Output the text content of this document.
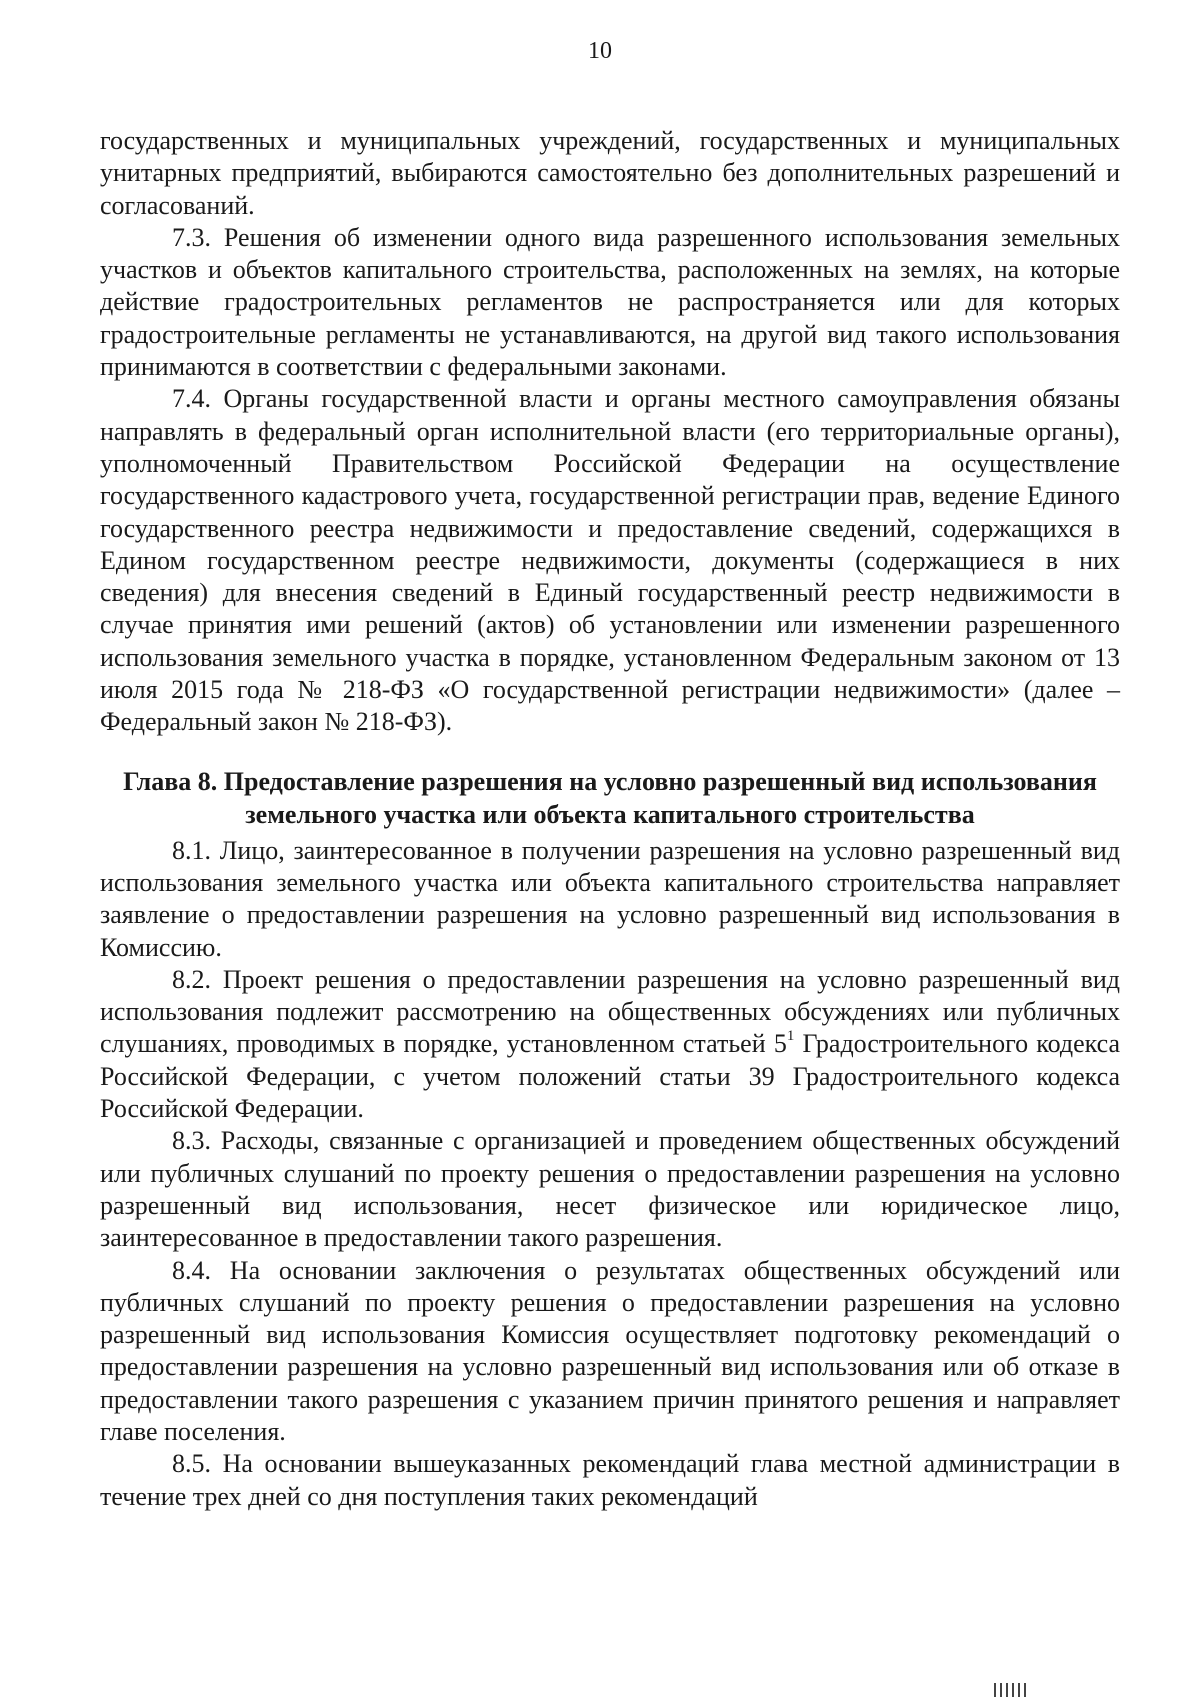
10

государственных и муниципальных учреждений, государственных и муниципальных унитарных предприятий, выбираются самостоятельно без дополнительных разрешений и согласований.

7.3. Решения об изменении одного вида разрешенного использования земельных участков и объектов капитального строительства, расположенных на землях, на которые действие градостроительных регламентов не распространяется или для которых градостроительные регламенты не устанавливаются, на другой вид такого использования принимаются в соответствии с федеральными законами.

7.4. Органы государственной власти и органы местного самоуправления обязаны направлять в федеральный орган исполнительной власти (его территориальные органы), уполномоченный Правительством Российской Федерации на осуществление государственного кадастрового учета, государственной регистрации прав, ведение Единого государственного реестра недвижимости и предоставление сведений, содержащихся в Едином государственном реестре недвижимости, документы (содержащиеся в них сведения) для внесения сведений в Единый государственный реестр недвижимости в случае принятия ими решений (актов) об установлении или изменении разрешенного использования земельного участка в порядке, установленном Федеральным законом от 13 июля 2015 года № 218-ФЗ «О государственной регистрации недвижимости» (далее – Федеральный закон № 218-ФЗ).

Глава 8. Предоставление разрешения на условно разрешенный вид использования земельного участка или объекта капитального строительства

8.1. Лицо, заинтересованное в получении разрешения на условно разрешенный вид использования земельного участка или объекта капитального строительства направляет заявление о предоставлении разрешения на условно разрешенный вид использования в Комиссию.

8.2. Проект решения о предоставлении разрешения на условно разрешенный вид использования подлежит рассмотрению на общественных обсуждениях или публичных слушаниях, проводимых в порядке, установленном статьей $5^1$ Градостроительного кодекса Российской Федерации, с учетом положений статьи 39 Градостроительного кодекса Российской Федерации.

8.3. Расходы, связанные с организацией и проведением общественных обсуждений или публичных слушаний по проекту решения о предоставлении разрешения на условно разрешенный вид использования, несет физическое или юридическое лицо, заинтересованное в предоставлении такого разрешения.

8.4. На основании заключения о результатах общественных обсуждений или публичных слушаний по проекту решения о предоставлении разрешения на условно разрешенный вид использования Комиссия осуществляет подготовку рекомендаций о предоставлении разрешения на условно разрешенный вид использования или об отказе в предоставлении такого разрешения с указанием причин принятого решения и направляет главе поселения.

8.5. На основании вышеуказанных рекомендаций глава местной администрации в течение трех дней со дня поступления таких рекомендаций
